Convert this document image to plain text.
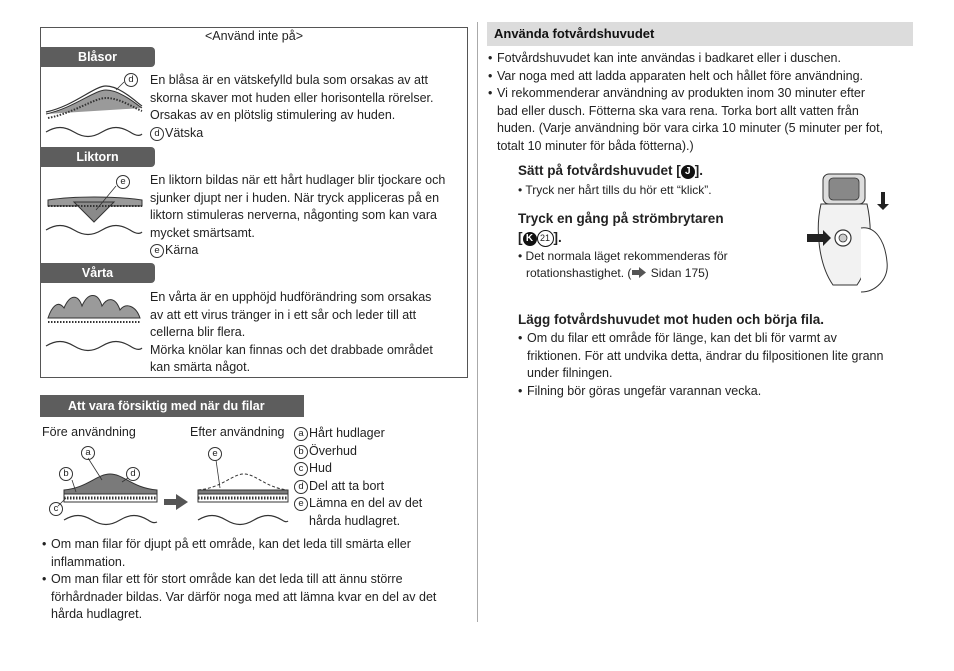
<Använd inte på>
Blåsor
d	En blåsa är en vätskefylld bula som orsakas av att
skorna skaver mot huden eller horisontella rörelser.
Orsakas av en plötslig stimulering av huden.
d Vätska
Liktorn
e	En liktorn bildas när ett hårt hudlager blir tjockare och
sjunker djupt ner i huden. När tryck appliceras på en
liktorn stimuleras nerverna, någonting som kan vara
mycket smärtsamt.
e Kärna
Vårta
En vårta är en upphöjd hudförändring som orsakas
av att ett virus tränger in i ett sår och leder till att
cellerna blir flera.
Mörka knölar kan finnas och det drabbade området
kan smärta något.
Att vara försiktig med när du filar
Före användning	Efter användning
a
b	d
c
e
a Hårt hudlager
b Överhud
c Hud
d Del att ta bort
e Lämna en del av det
hårda hudlagret.
• Om man filar för djupt på ett område, kan det leda till smärta eller
inflammation.
• Om man filar ett för stort område kan det leda till att ännu större
förhårdnader bildas. Var därför noga med att lämna kvar en del av det
hårda hudlagret.
Använda fotvårdshuvudet
• Fotvårdshuvudet kan inte användas i badkaret eller i duschen.
• Var noga med att ladda apparaten helt och hållet före användning.
• Vi rekommenderar användning av produkten inom 30 minuter efter
bad eller dusch. Fötterna ska vara rena. Torka bort allt vatten från
huden. (Varje användning bör vara cirka 10 minuter (5 minuter per fot,
totalt 10 minuter för båda fötterna).)
Sätt på fotvårdshuvudet [ J ].
• Tryck ner hårt tills du hör ett “klick”.
Tryck en gång på strömbrytaren
[ K 21 ].
• Det normala läget rekommenderas för
rotationshastighet. ( Sidan 175)
Lägg fotvårdshuvudet mot huden och börja fila.
• Om du filar ett område för länge, kan det bli för varmt av
friktionen. För att undvika detta, ändrar du filpositionen lite grann
under filningen.
• Filning bör göras ungefär varannan vecka.
